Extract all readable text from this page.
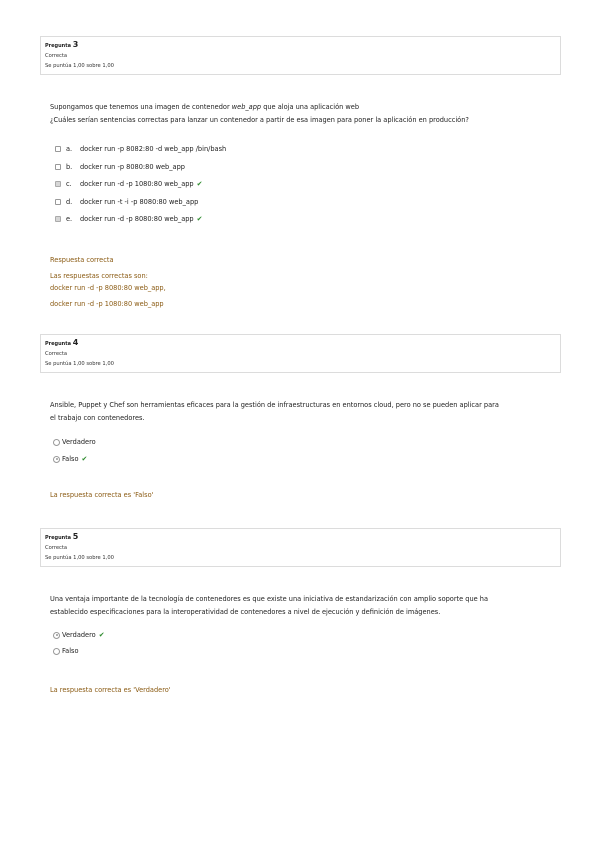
Pregunta 3
Correcta
Se puntúa 1,00 sobre 1,00
Supongamos que tenemos una imagen de contenedor web_app que aloja una aplicación web
¿Cuáles serían sentencias correctas para lanzar un contenedor a partir de esa imagen para poner la aplicación en producción?
a.	docker run -p 8082:80 -d web_app /bin/bash
b.	docker run -p 8080:80 web_app
c.	docker run -d -p 1080:80 web_app ✔
d.	docker run -t -i -p 8080:80 web_app
e.	docker run -d -p 8080:80 web_app ✔
Respuesta correcta
Las respuestas correctas son:
docker run -d -p 8080:80 web_app,
docker run -d -p 1080:80 web_app
Pregunta 4
Correcta
Se puntúa 1,00 sobre 1,00
Ansible, Puppet y Chef son herramientas eficaces para la gestión de infraestructuras en entornos cloud, pero no se pueden aplicar para
el trabajo con contenedores.
Verdadero
Falso ✔
La respuesta correcta es 'Falso'
Pregunta 5
Correcta
Se puntúa 1,00 sobre 1,00
Una ventaja importante de la tecnología de contenedores es que existe una iniciativa de estandarización con amplio soporte que ha
establecido especificaciones para la interoperatividad de contenedores a nivel de ejecución y definición de imágenes.
Verdadero ✔
Falso
La respuesta correcta es 'Verdadero'
